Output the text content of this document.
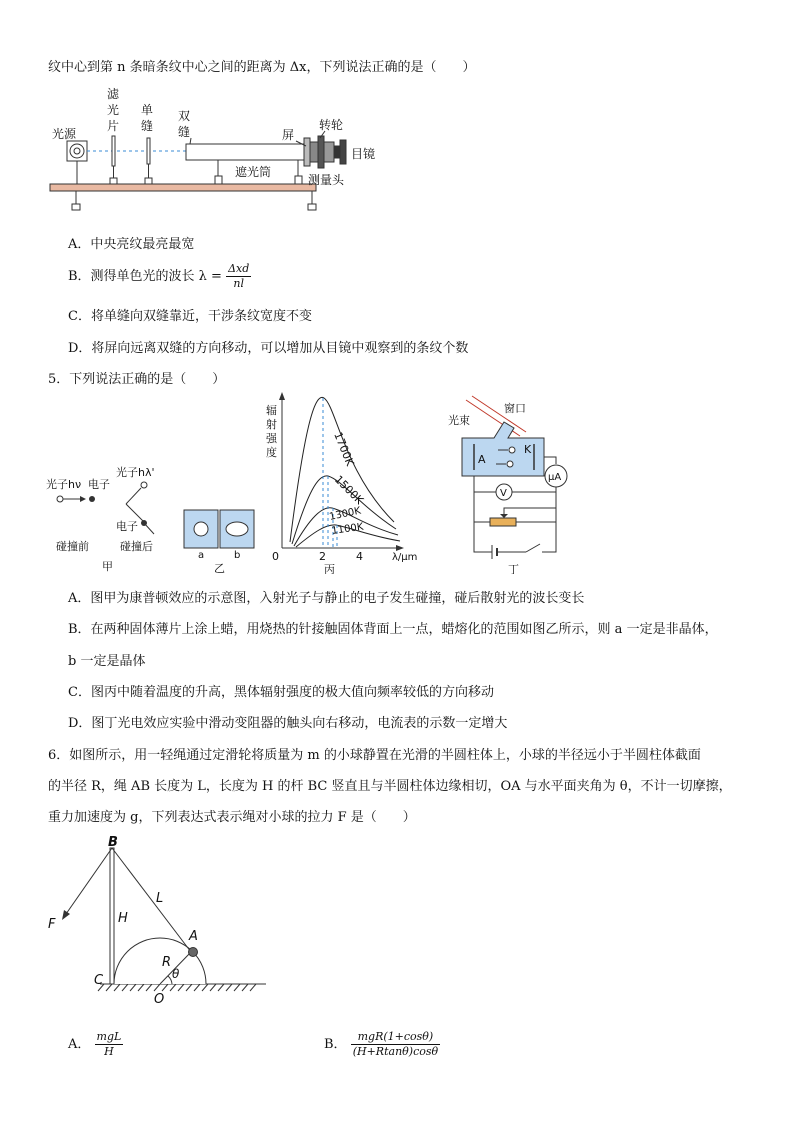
纹中心到第 n 条暗条纹中心之间的距离为 Δx，下列说法正确的是（　　）
光源
滤
光
片
单
缝
双
缝	屏
转轮
目镜
遮光筒
测量头
A．中央亮纹最亮最宽
B．测得单色光的波长 $\lambda = \frac{\text{Δxd}}{nl}$
C．将单缝向双缝靠近，干涉条纹宽度不变
D．将屏向远离双缝的方向移动，可以增加从目镜中观察到的条纹个数
5．下列说法正确的是（　　）
光子hν 电子
光子hλ'
电子
碰撞前	碰撞后
甲
a	b
乙
辐
射
强
度	1700K
1500K
1300K
1100K
0	2	4	λ/μm
丙
光束
窗口
A
K
μA
V
丁
A．图甲为康普顿效应的示意图，入射光子与静止的电子发生碰撞，碰后散射光的波长变长
B．在两种固体薄片上涂上蜡，用烧热的针接触固体背面上一点，蜡熔化的范围如图乙所示，则 a 一定是非晶体，
b 一定是晶体
C．图丙中随着温度的升高，黑体辐射强度的极大值向频率较低的方向移动
D．图丁光电效应实验中滑动变阻器的触头向右移动，电流表的示数一定增大
6．如图所示，用一轻绳通过定滑轮将质量为 m 的小球静置在光滑的半圆柱体上，小球的半径远小于半圆柱体截面
的半径 R，绳 AB 长度为 L，长度为 H 的杆 BC 竖直且与半圆柱体边缘相切，OA 与水平面夹角为 θ，不计一切摩擦，
重力加速度为 g，下列表达式表示绳对小球的拉力 F 是（　　）
B
F	H
L
A
R
θ
C
O
A． $\frac{\text{mgL}}{H}$	B． $\frac{\text{mgR(1+cosθ)}}{(H+Rtan\theta)\cos\theta}$
